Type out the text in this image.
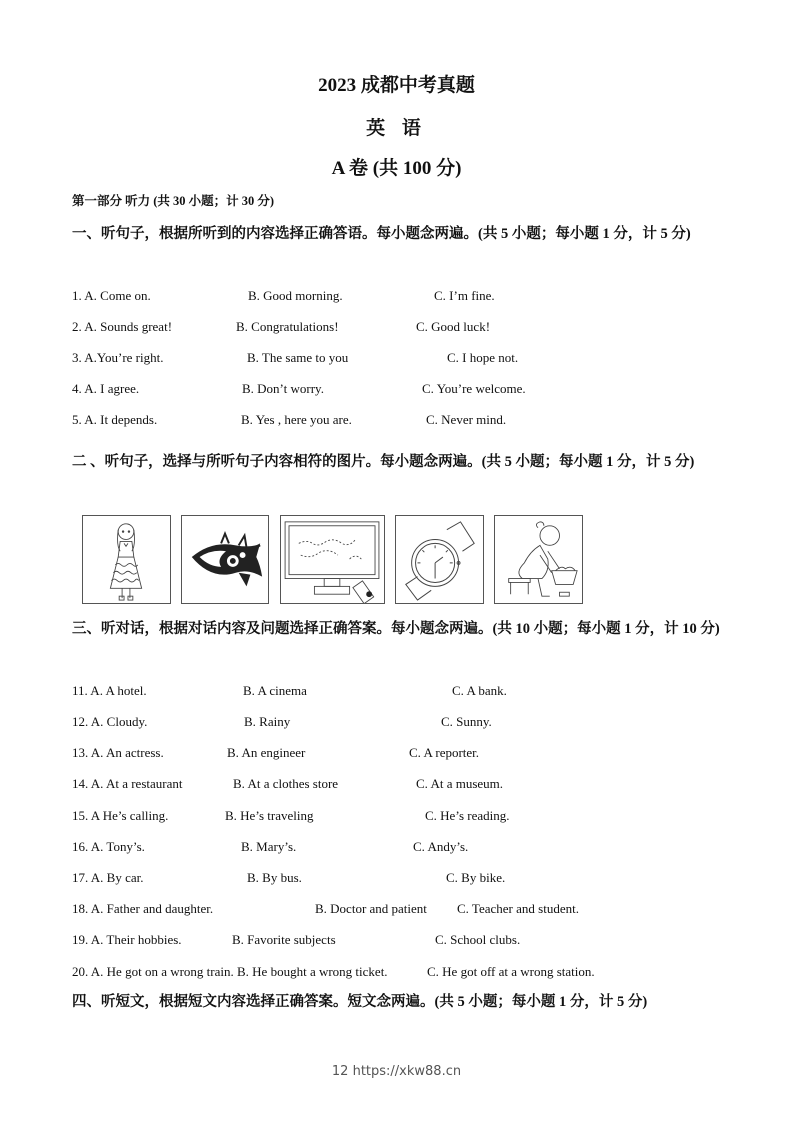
2023 成都中考真题
英 语
A 卷 (共 100 分)
第一部分 听力 (共 30 小题；计 30 分)
一、听句子，根据所听到的内容选择正确答语。每小题念两遍。(共 5 小题；每小题 1 分，计 5 分)
1. A. Come on.	B. Good morning.	C. I’m fine.
2. A. Sounds great!	B. Congratulations!	C. Good luck!
3. A.You’re right.	B. The same to you	C. I hope not.
4. A. I agree.	B. Don’t worry.	C. You’re welcome.
5. A. It depends.	B. Yes , here you are.	C. Never mind.
二 、听句子，选择与所听句子内容相符的图片。每小题念两遍。(共 5 小题；每小题 1 分，计 5 分)
三、听对话，根据对话内容及问题选择正确答案。每小题念两遍。(共 10 小题；每小题 1 分，计 10 分)
11. A. A hotel.	B. A cinema	C. A bank.
12. A. Cloudy.	B. Rainy	C. Sunny.
13. A. An actress.	B. An engineer	C. A reporter.
14. A. At a restaurant	B. At a clothes store	C. At a museum.
15. A He’s calling.	B. He’s traveling	C. He’s reading.
16. A. Tony’s.	B. Mary’s.	C. Andy’s.
17. A. By car.	B. By bus.	C. By bike.
18. A. Father and daughter.	B. Doctor and patient C. Teacher and student.
19. A. Their hobbies.	B. Favorite subjects	C. School clubs.
20. A. He got on a wrong train. B. He bought a wrong ticket.	C. He got off at a wrong station.
四、听短文，根据短文内容选择正确答案。短文念两遍。(共 5 小题；每小题 1 分，计 5 分)
12 https://xkw88.cn
